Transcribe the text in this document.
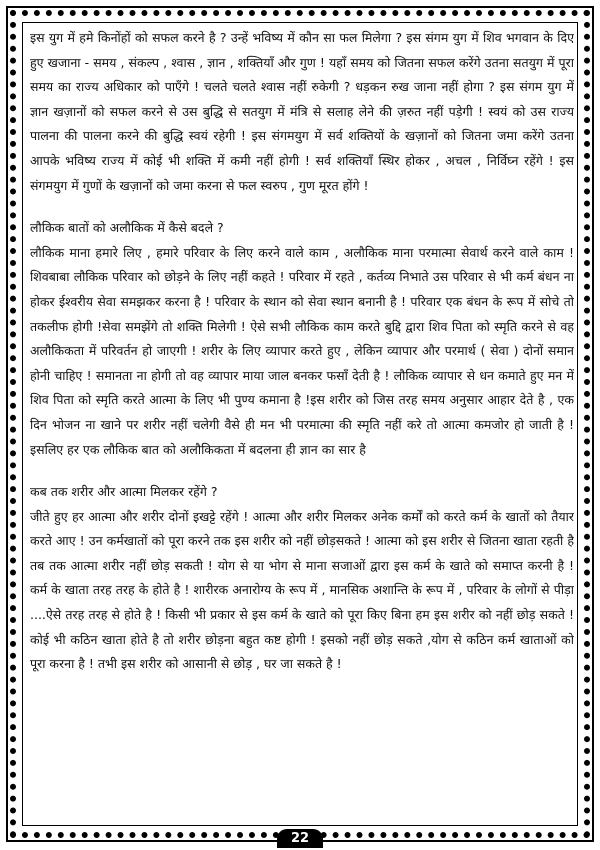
इस युग में हमे किनोंहों को सफल करने है ? उन्हें भविष्य में कौन सा फल मिलेगा ? इस संगम युग में शिव भगवान के दिए हुए खजाना - समय , संकल्प , श्वास , ज्ञान , शक्तियाँ और गुण ! यहाँ समय को जितना सफल करेंगे उतना सतयुग में पूरा समय का राज्य अधिकार को पाएँगे ! चलते चलते श्वास नहीं रुकेगी ? धड़कन रुख जाना नहीं होगा ? इस संगम युग में ज्ञान खज़ानों को सफल करने से उस बुद्धि से सतयुग में मंत्रि से सलाह लेने की ज़रुत नहीं पड़ेगी ! स्वयं को उस राज्य पालना की पालना करने की बुद्धि स्वयं रहेगी ! इस संगमयुग में सर्व शक्तियों के खज़ानों को जितना जमा करेंगे उतना आपके भविष्य राज्य में कोई भी शक्ति में कमी नहीं होगी ! सर्व शक्तियाँ स्थिर होकर , अचल , निर्विघ्न रहेंगे ! इस संगमयुग में गुणों के खज़ानों को जमा करना से फल स्वरुप , गुण मूरत होंगे !

लौकिक बातों को अलौकिक में कैसे बदले ?

लौकिक माना हमारे लिए , हमारे परिवार के लिए करने वाले काम , अलौकिक माना परमात्मा सेवार्थ करने वाले काम ! शिवबाबा लौकिक परिवार को छोड़ने के लिए नहीं कहते ! परिवार में रहते , कर्तव्य निभाते उस परिवार से भी कर्म बंधन ना होकर ईश्वरीय सेवा समझकर करना है ! परिवार के स्थान को सेवा स्थान बनानी है ! परिवार एक बंधन के रूप में सोचे तो तकलीफ होगी !सेवा समझेंगे तो शक्ति मिलेगी ! ऐसे सभी लौकिक काम करते बुद्दि द्वारा शिव पिता को स्मृति करने से वह अलौकिकता में परिवर्तन हो जाएगी ! शरीर के लिए व्यापार करते हुए , लेकिन व्यापार और परमार्थ ( सेवा ) दोनों समान होनी चाहिए ! समानता ना होगी तो वह व्यापार माया जाल बनकर फसाँ देती है ! लौकिक व्यापार से धन कमाते हुए मन में शिव पिता को स्मृति करते आत्मा के लिए भी पुण्य कमाना है !इस शरीर को जिस तरह समय अनुसार आहार देते है , एक दिन भोजन ना खाने पर शरीर नहीं चलेगी वैसे ही मन भी परमात्मा की स्मृति नहीं करे तो आत्मा कमजोर हो जाती है ! इसलिए हर एक लौकिक बात को अलौकिकता में बदलना ही ज्ञान का सार है

कब तक शरीर और आत्मा मिलकर रहेंगे ?

जीते हुए हर आत्मा और शरीर दोनों इखट्टे रहेंगे ! आत्मा और शरीर मिलकर अनेक कर्मों को करते कर्म के खातों को तैयार करते आए ! उन कर्मखातों को पूरा करने तक इस शरीर को नहीं छोड़सकते ! आत्मा को इस शरीर से जितना खाता रहती है तब तक आत्मा शरीर नहीं छोड़ सकती ! योग से या भोग से माना सजाओं द्वारा इस कर्म के खाते को समाप्त करनी है ! कर्म के खाता तरह तरह के होते है ! शारीरक अनारोग्य के रूप में , मानसिक अशान्ति के रूप में , परिवार के लोगों से पीड़ा ....ऐसे तरह तरह से होते है ! किसी भी प्रकार से इस कर्म के खाते को पूरा किए बिना हम इस शरीर को नहीं छोड़ सकते ! कोई भी कठिन खाता होते है तो शरीर छोड़ना बहुत कष्ट होगी ! इसको नहीं छोड़ सकते ,योग से कठिन कर्म खाताओं को पूरा करना है ! तभी इस शरीर को आसानी से छोड़ , घर जा सकते है !

22
